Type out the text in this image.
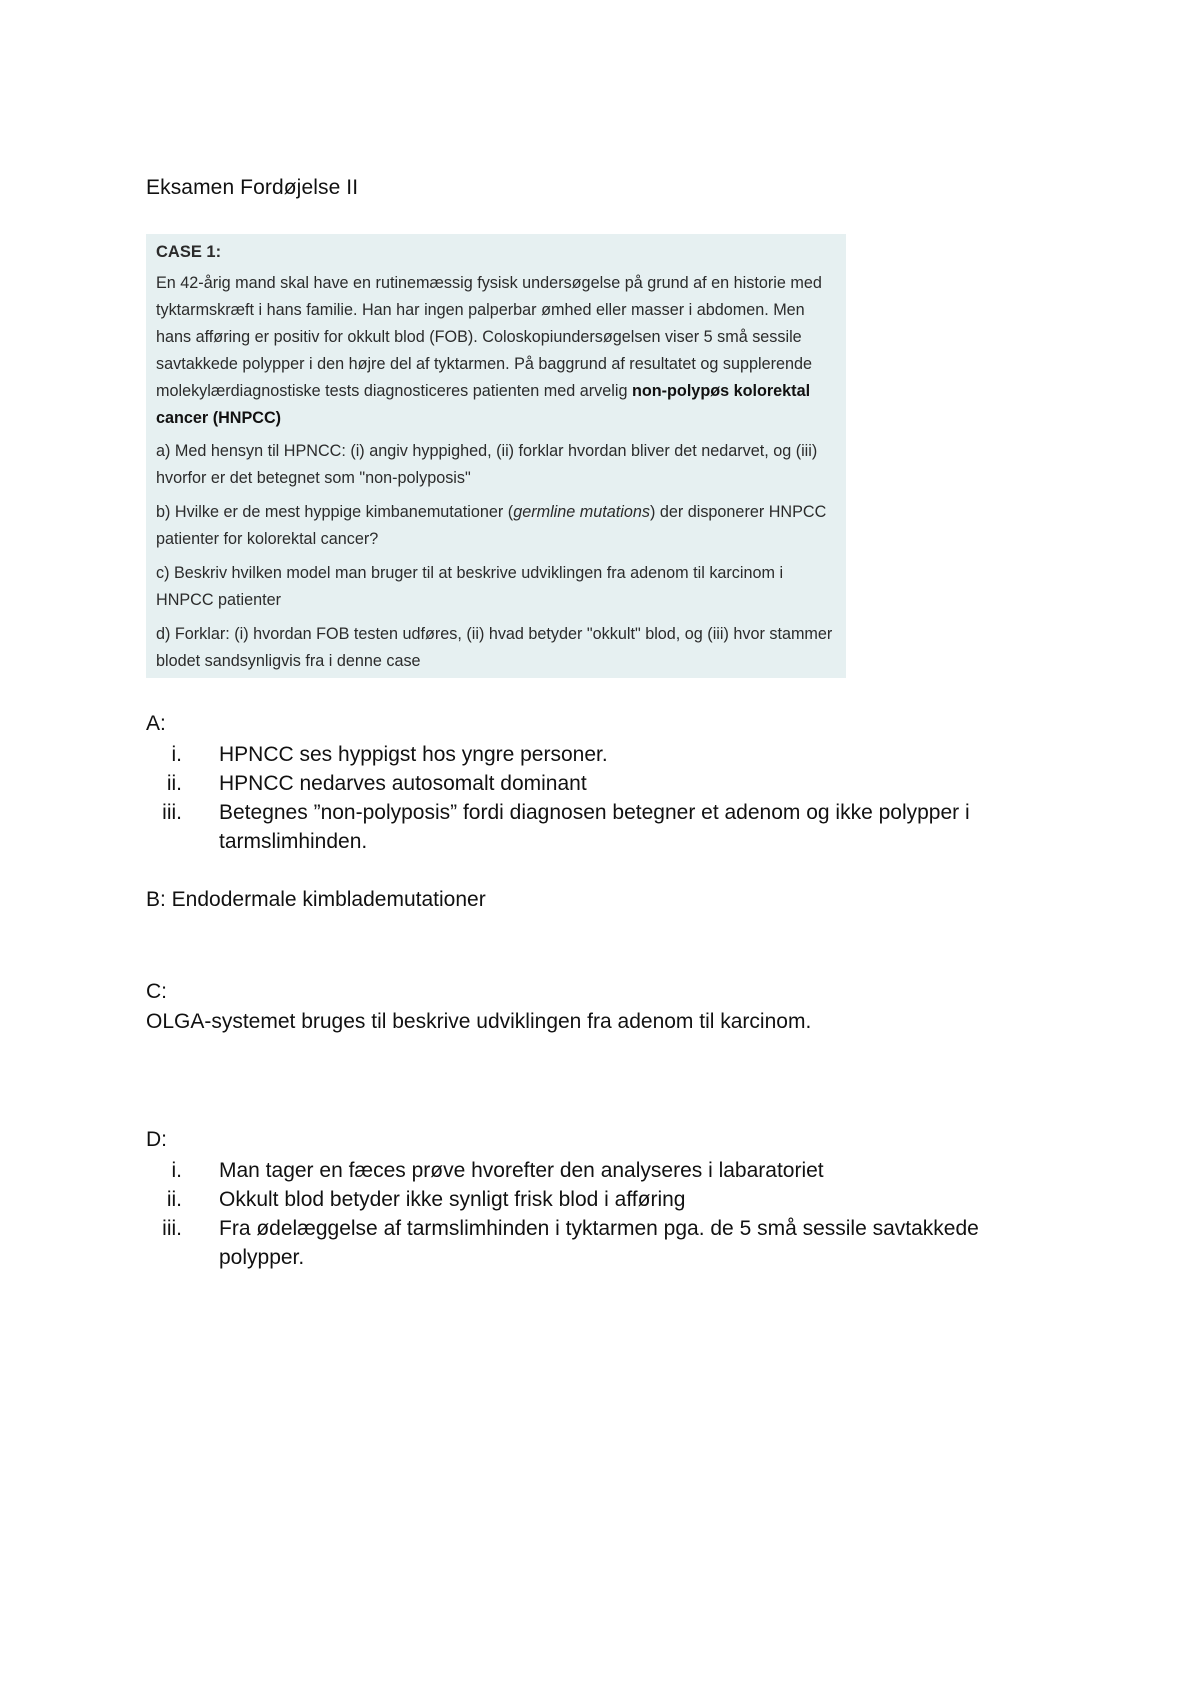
Eksamen Fordøjelse II
CASE 1:

En 42-årig mand skal have en rutinemæssig fysisk undersøgelse på grund af en historie med tyktarmskræft i hans familie. Han har ingen palperbar ømhed eller masser i abdomen. Men hans afføring er positiv for okkult blod (FOB). Coloskopiundersøgelsen viser 5 små sessile savtakkede polypper i den højre del af tyktarmen. På baggrund af resultatet og supplerende molekylærdiagnostiske tests diagnosticeres patienten med arvelig non-polypøs kolorektal cancer (HNPCC)

a) Med hensyn til HPNCC: (i) angiv hyppighed, (ii) forklar hvordan bliver det nedarvet, og (iii) hvorfor er det betegnet som "non-polyposis"

b) Hvilke er de mest hyppige kimbanemutationer (germline mutations) der disponerer HNPCC patienter for kolorektal cancer?

c) Beskriv hvilken model man bruger til at beskrive udviklingen fra adenom til karcinom i HNPCC patienter

d) Forklar: (i) hvordan FOB testen udføres, (ii) hvad betyder "okkult" blod, og (iii) hvor stammer blodet sandsynligvis fra i denne case

A:

i. HPNCC ses hyppigst hos yngre personer.

ii. HPNCC nedarves autosomalt dominant

iii. Betegnes ”non-polyposis” fordi diagnosen betegner et adenom og ikke polypper i tarmslimhinden.

B: Endodermale kimblademutationer
C:
OLGA-systemet bruges til beskrive udviklingen fra adenom til karcinom.
D:

i. Man tager en fæces prøve hvorefter den analyseres i labaratoriet

ii. Okkult blod betyder ikke synligt frisk blod i afføring

iii. Fra ødelæggelse af tarmslimhinden i tyktarmen pga. de 5 små sessile savtakkede polypper.
